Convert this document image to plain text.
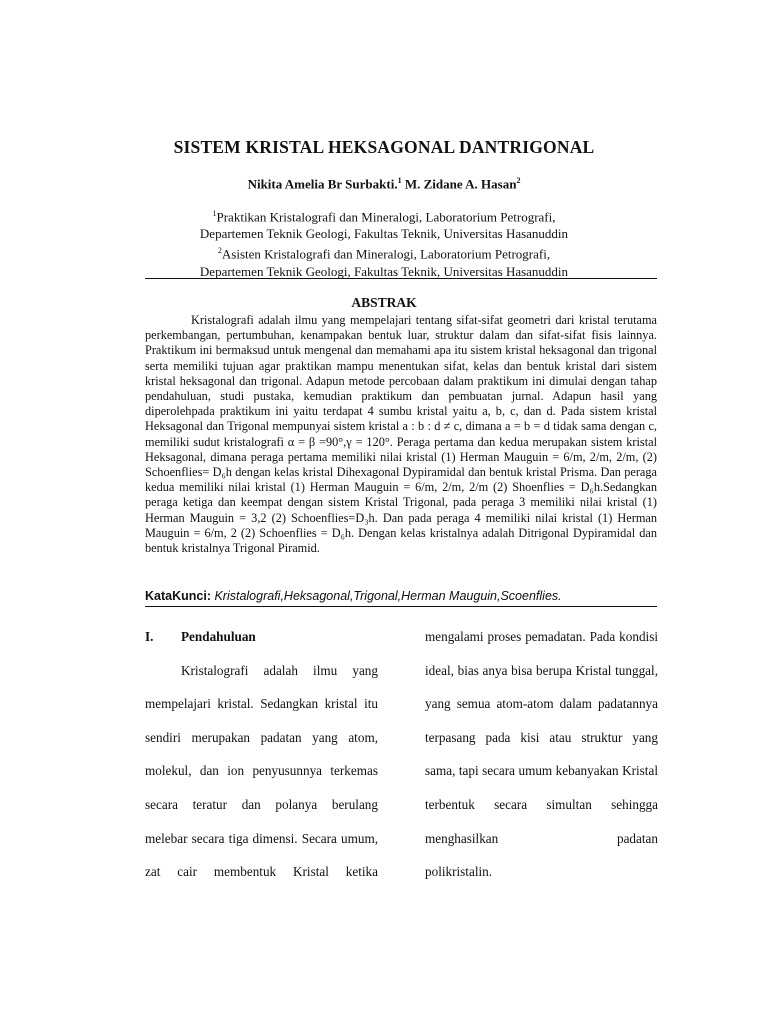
SISTEM KRISTAL HEKSAGONAL DANTRIGONAL
Nikita Amelia Br Surbakti.$^1$ M. Zidane A. Hasan$^2$
$^1$Praktikan Kristalografi dan Mineralogi, Laboratorium Petrografi,
Departemen Teknik Geologi, Fakultas Teknik, Universitas Hasanuddin
$^2$Asisten Kristalografi dan Mineralogi, Laboratorium Petrografi,
Departemen Teknik Geologi, Fakultas Teknik, Universitas Hasanuddin
ABSTRAK
Kristalografi adalah ilmu yang mempelajari tentang sifat-sifat geometri dari kristal terutama perkembangan, pertumbuhan, kenampakan bentuk luar, struktur dalam dan sifat-sifat fisis lainnya. Praktikum ini bermaksud untuk mengenal dan memahami apa itu sistem kristal heksagonal dan trigonal serta memiliki tujuan agar praktikan mampu menentukan sifat, kelas dan bentuk kristal dari sistem kristal heksagonal dan trigonal. Adapun metode percobaan dalam praktikum ini dimulai dengan tahap pendahuluan, studi pustaka, kemudian praktikum dan pembuatan jurnal. Adapun hasil yang diperolehpada praktikum ini yaitu terdapat 4 sumbu kristal yaitu a, b, c, dan d. Pada sistem kristal Heksagonal dan Trigonal mempunyai sistem kristal a : b : d ≠ c, dimana a = b = d tidak sama dengan c, memiliki sudut kristalografi α = β =90°,γ = 120°. Peraga pertama dan kedua merupakan sistem kristal Heksagonal, dimana peraga pertama memiliki nilai kristal (1) Herman Mauguin = 6/m, 2/m, 2/m, (2) Schoenflies= D₆h dengan kelas kristal Dihexagonal Dypiramidal dan bentuk kristal Prisma. Dan peraga kedua memiliki nilai kristal (1) Herman Mauguin = 6/m, 2/m, 2/m (2) Shoenflies = D₆h.Sedangkan peraga ketiga dan keempat dengan sistem Kristal Trigonal, pada peraga 3 memiliki nilai kristal (1) Herman Mauguin = 3,2 (2) Schoenflies=D₃h. Dan pada peraga 4 memiliki nilai kristal (1) Herman Mauguin = 6/m, 2 (2) Schoenflies = D₆h. Dengan kelas kristalnya adalah Ditrigonal Dypiramidal dan bentuk kristalnya Trigonal Piramid.
KataKunci: Kristalografi,Heksagonal,Trigonal,Herman Mauguin,Scoenflies.
I. Pendahuluan
Kristalografi adalah ilmu yang mempelajari kristal. Sedangkan kristal itu sendiri merupakan padatan yang atom, molekul, dan ion penyusunnya terkemas secara teratur dan polanya berulang melebar secara tiga dimensi. Secara umum, zat cair membentuk Kristal ketika
mengalami proses pemadatan. Pada kondisi ideal, bias anya bisa berupa Kristal tunggal, yang semua atom-atom dalam padatannya terpasang pada kisi atau struktur yang sama, tapi secara umum kebanyakan Kristal terbentuk secara simultan sehingga menghasilkan padatan
polikristalin.
